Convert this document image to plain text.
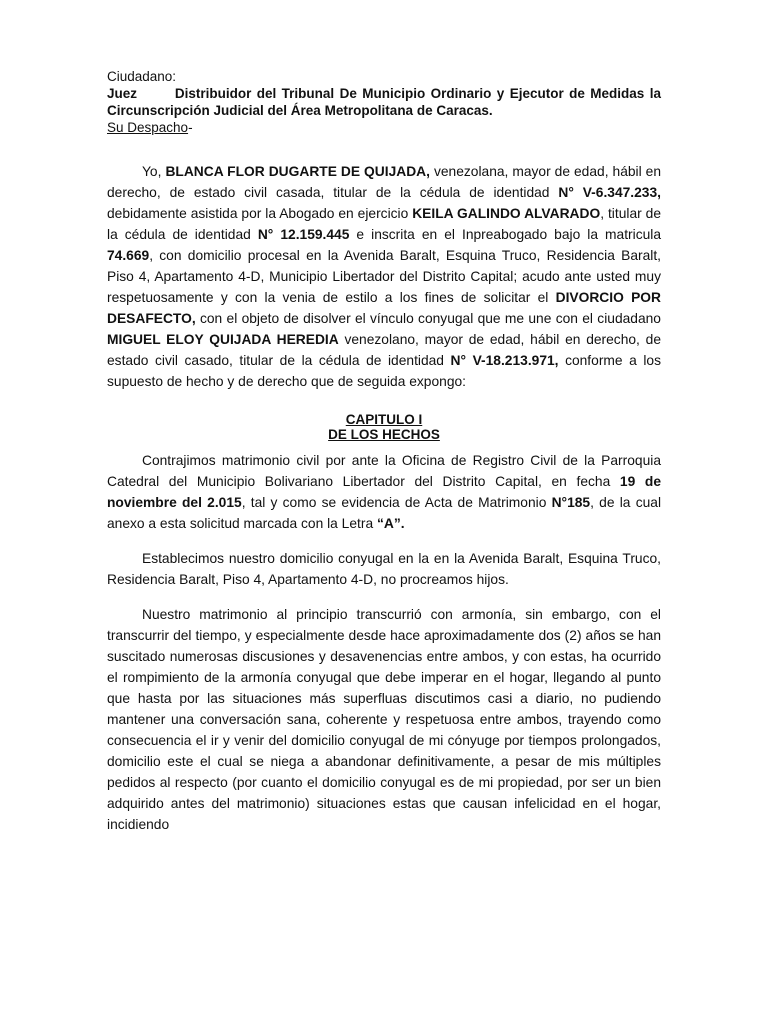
Ciudadano:

Juez	Distribuidor del Tribunal De Municipio Ordinario y Ejecutor de Medidas la Circunscripción Judicial del Área Metropolitana de Caracas.

Su Despacho-

Yo, BLANCA FLOR DUGARTE DE QUIJADA, venezolana, mayor de edad, hábil en derecho, de estado civil casada, titular de la cédula de identidad N° V-6.347.233, debidamente asistida por la Abogado en ejercicio KEILA GALINDO ALVARADO, titular de la cédula de identidad N° 12.159.445 e inscrita en el Inpreabogado bajo la matricula 74.669, con domicilio procesal en la Avenida Baralt, Esquina Truco, Residencia Baralt, Piso 4, Apartamento 4-D, Municipio Libertador del Distrito Capital; acudo ante usted muy respetuosamente y con la venia de estilo a los fines de solicitar el DIVORCIO POR DESAFECTO, con el objeto de disolver el vínculo conyugal que me une con el ciudadano MIGUEL ELOY QUIJADA HEREDIA venezolano, mayor de edad, hábil en derecho, de estado civil casado, titular de la cédula de identidad N° V-18.213.971, conforme a los supuesto de hecho y de derecho que de seguida expongo:

CAPITULO I
DE LOS HECHOS

Contrajimos matrimonio civil por ante la Oficina de Registro Civil de la Parroquia Catedral del Municipio Bolivariano Libertador del Distrito Capital, en fecha 19 de noviembre del 2.015, tal y como se evidencia de Acta de Matrimonio N°185, de la cual anexo a esta solicitud marcada con la Letra “A”.

Establecimos nuestro domicilio conyugal en la en la Avenida Baralt, Esquina Truco, Residencia Baralt, Piso 4, Apartamento 4-D, no procreamos hijos.

Nuestro matrimonio al principio transcurrió con armonía, sin embargo, con el transcurrir del tiempo, y especialmente desde hace aproximadamente dos (2) años se han suscitado numerosas discusiones y desavenencias entre ambos, y con estas, ha ocurrido el rompimiento de la armonía conyugal que debe imperar en el hogar, llegando al punto que hasta por las situaciones más superfluas discutimos casi a diario, no pudiendo mantener una conversación sana, coherente y respetuosa entre ambos, trayendo como consecuencia el ir y venir del domicilio conyugal de mi cónyuge por tiempos prolongados, domicilio este el cual se niega a abandonar definitivamente, a pesar de mis múltiples pedidos al respecto (por cuanto el domicilio conyugal es de mi propiedad, por ser un bien adquirido antes del matrimonio) situaciones estas que causan infelicidad en el hogar, incidiendo
